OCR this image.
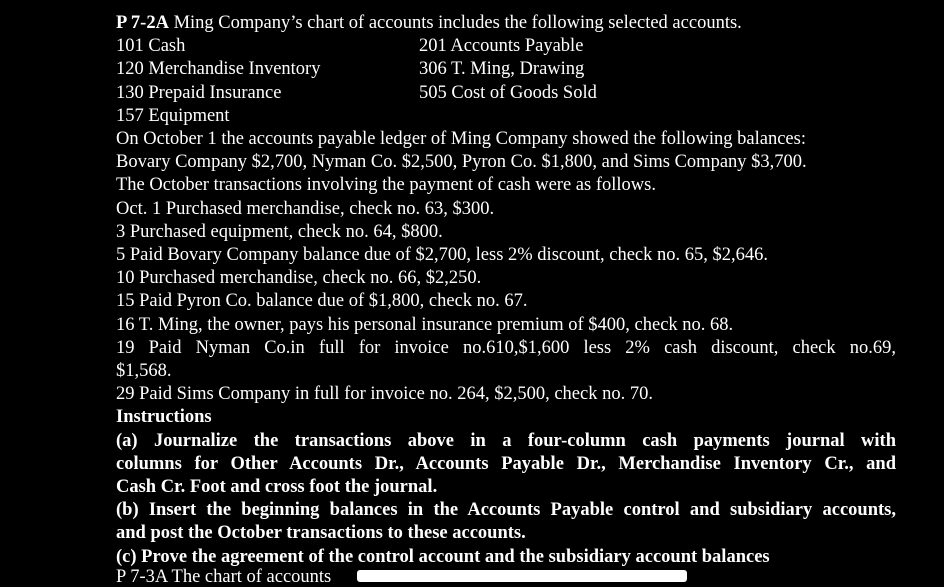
P 7-2A Ming Company’s chart of accounts includes the following selected accounts.
101 Cash	201 Accounts Payable
120 Merchandise Inventory	306 T. Ming, Drawing
130 Prepaid Insurance	505 Cost of Goods Sold
157 Equipment
On October 1 the accounts payable ledger of Ming Company showed the following balances:
Bovary Company $2,700, Nyman Co. $2,500, Pyron Co. $1,800, and Sims Company $3,700.
The October transactions involving the payment of cash were as follows.
Oct. 1 Purchased merchandise, check no. 63, $300.
3 Purchased equipment, check no. 64, $800.
5 Paid Bovary Company balance due of $2,700, less 2% discount, check no. 65, $2,646.
10 Purchased merchandise, check no. 66, $2,250.
15 Paid Pyron Co. balance due of $1,800, check no. 67.
16 T. Ming, the owner, pays his personal insurance premium of $400, check no. 68.
19 Paid Nyman Co.in full for invoice no.610,$1,600 less 2% cash discount, check no.69,
$1,568.
29 Paid Sims Company in full for invoice no. 264, $2,500, check no. 70.
Instructions
(a) Journalize the transactions above in a four-column cash payments journal with
columns for Other Accounts Dr., Accounts Payable Dr., Merchandise Inventory Cr., and
Cash Cr. Foot and cross foot the journal.
(b) Insert the beginning balances in the Accounts Payable control and subsidiary accounts,
and post the October transactions to these accounts.
(c) Prove the agreement of the control account and the subsidiary account balances
P 7-3A The chart of accounts
